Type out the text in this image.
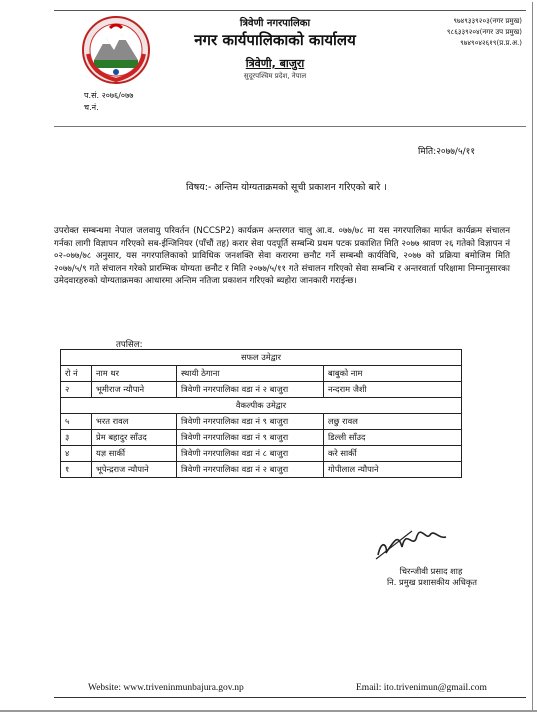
त्रिवेणी नगरपालिका
नगर कार्यपालिकाको कार्यालय
त्रिवेणी, बाजुरा
सुदूरपश्चिम प्रदेश, नेपाल
९७४९३३९२०३(नगर प्रमुख)
९८६३३९२०४(नगर उप प्रमुख)
९७४९०४२६१९(प्र.प्र.अ.)
प.सं. २०७६/०७७
च.नं.
मिति:२०७७/५/११
विषय:- अन्तिम योग्यताक्रमको सूची प्रकाशन गरिएको बारे ।
उपरोक्त सम्बन्धमा नेपाल जलवायु परिवर्तन (NCCSP2) कार्यक्रम अन्तरगत चालु आ.व. ०७७/७८ मा यस नगरपालिका मार्फत कार्यक्रम संचालन गर्नका लागी विज्ञापन गरिएको सब-ईन्जिनियर (पाँचौं तह) करार सेवा पदपूर्ति सम्बन्धि प्रथम पटक प्रकाशित मिति २०७७ श्रावण २६ गतेको विज्ञापन नं ०२-०७७/७८ अनुसार, यस नगरपालिकाको प्राविधिक जनशक्ति सेवा करारमा छनौट गर्ने सम्बन्धी कार्यविधि, २०७७ को प्रक्रिया बमोजिम मिति २०७७/५/९ गते संचालन गरेको प्रारम्भिक योग्यता छनौट र मिति २०७७/५/११ गते संचालन गरिएको सेवा सम्बन्धि र अन्तरवार्ता परिक्षामा निम्नानुसारका उमेदवारहरुको योग्यताक्रमका आधारमा अन्तिम नतिजा प्रकाशन गरिएको ब्यहोरा जानकारी गराईन्छ।
तपसिल:
सफल उमेद्वार			
रो नं	नाम थर	स्थायी ठेगाना	बाबुको नाम
२	भूमीराज न्यौपाने	त्रिवेणी नगरपालिका वडा नं २ बाजुरा	नन्दराम जैशी
वैकल्पीक उमेद्वार			
५	भरत रावल	त्रिवेणी नगरपालिका वडा नं ९ बाजुरा	लछु रावल
३	प्रेम बहादुर साँउद	त्रिवेणी नगरपालिका वडा नं ९ बाजुरा	डिल्ली साँउद
४	यज्ञ सार्की	त्रिवेणी नगरपालिका वडा नं ८ बाजुरा	करे सार्की
१	भूपेन्द्रराज न्यौपाने	त्रिवेणी नगरपालिका वडा नं २ बाजुरा	गोपीलाल न्यौपाने
चिरन्जीवी प्रसाद शाह
नि. प्रमुख प्रशासकीय अधिकृत
Website: www.triveninmunbajura.gov.np	Email: ito.trivenimun@gmail.com
